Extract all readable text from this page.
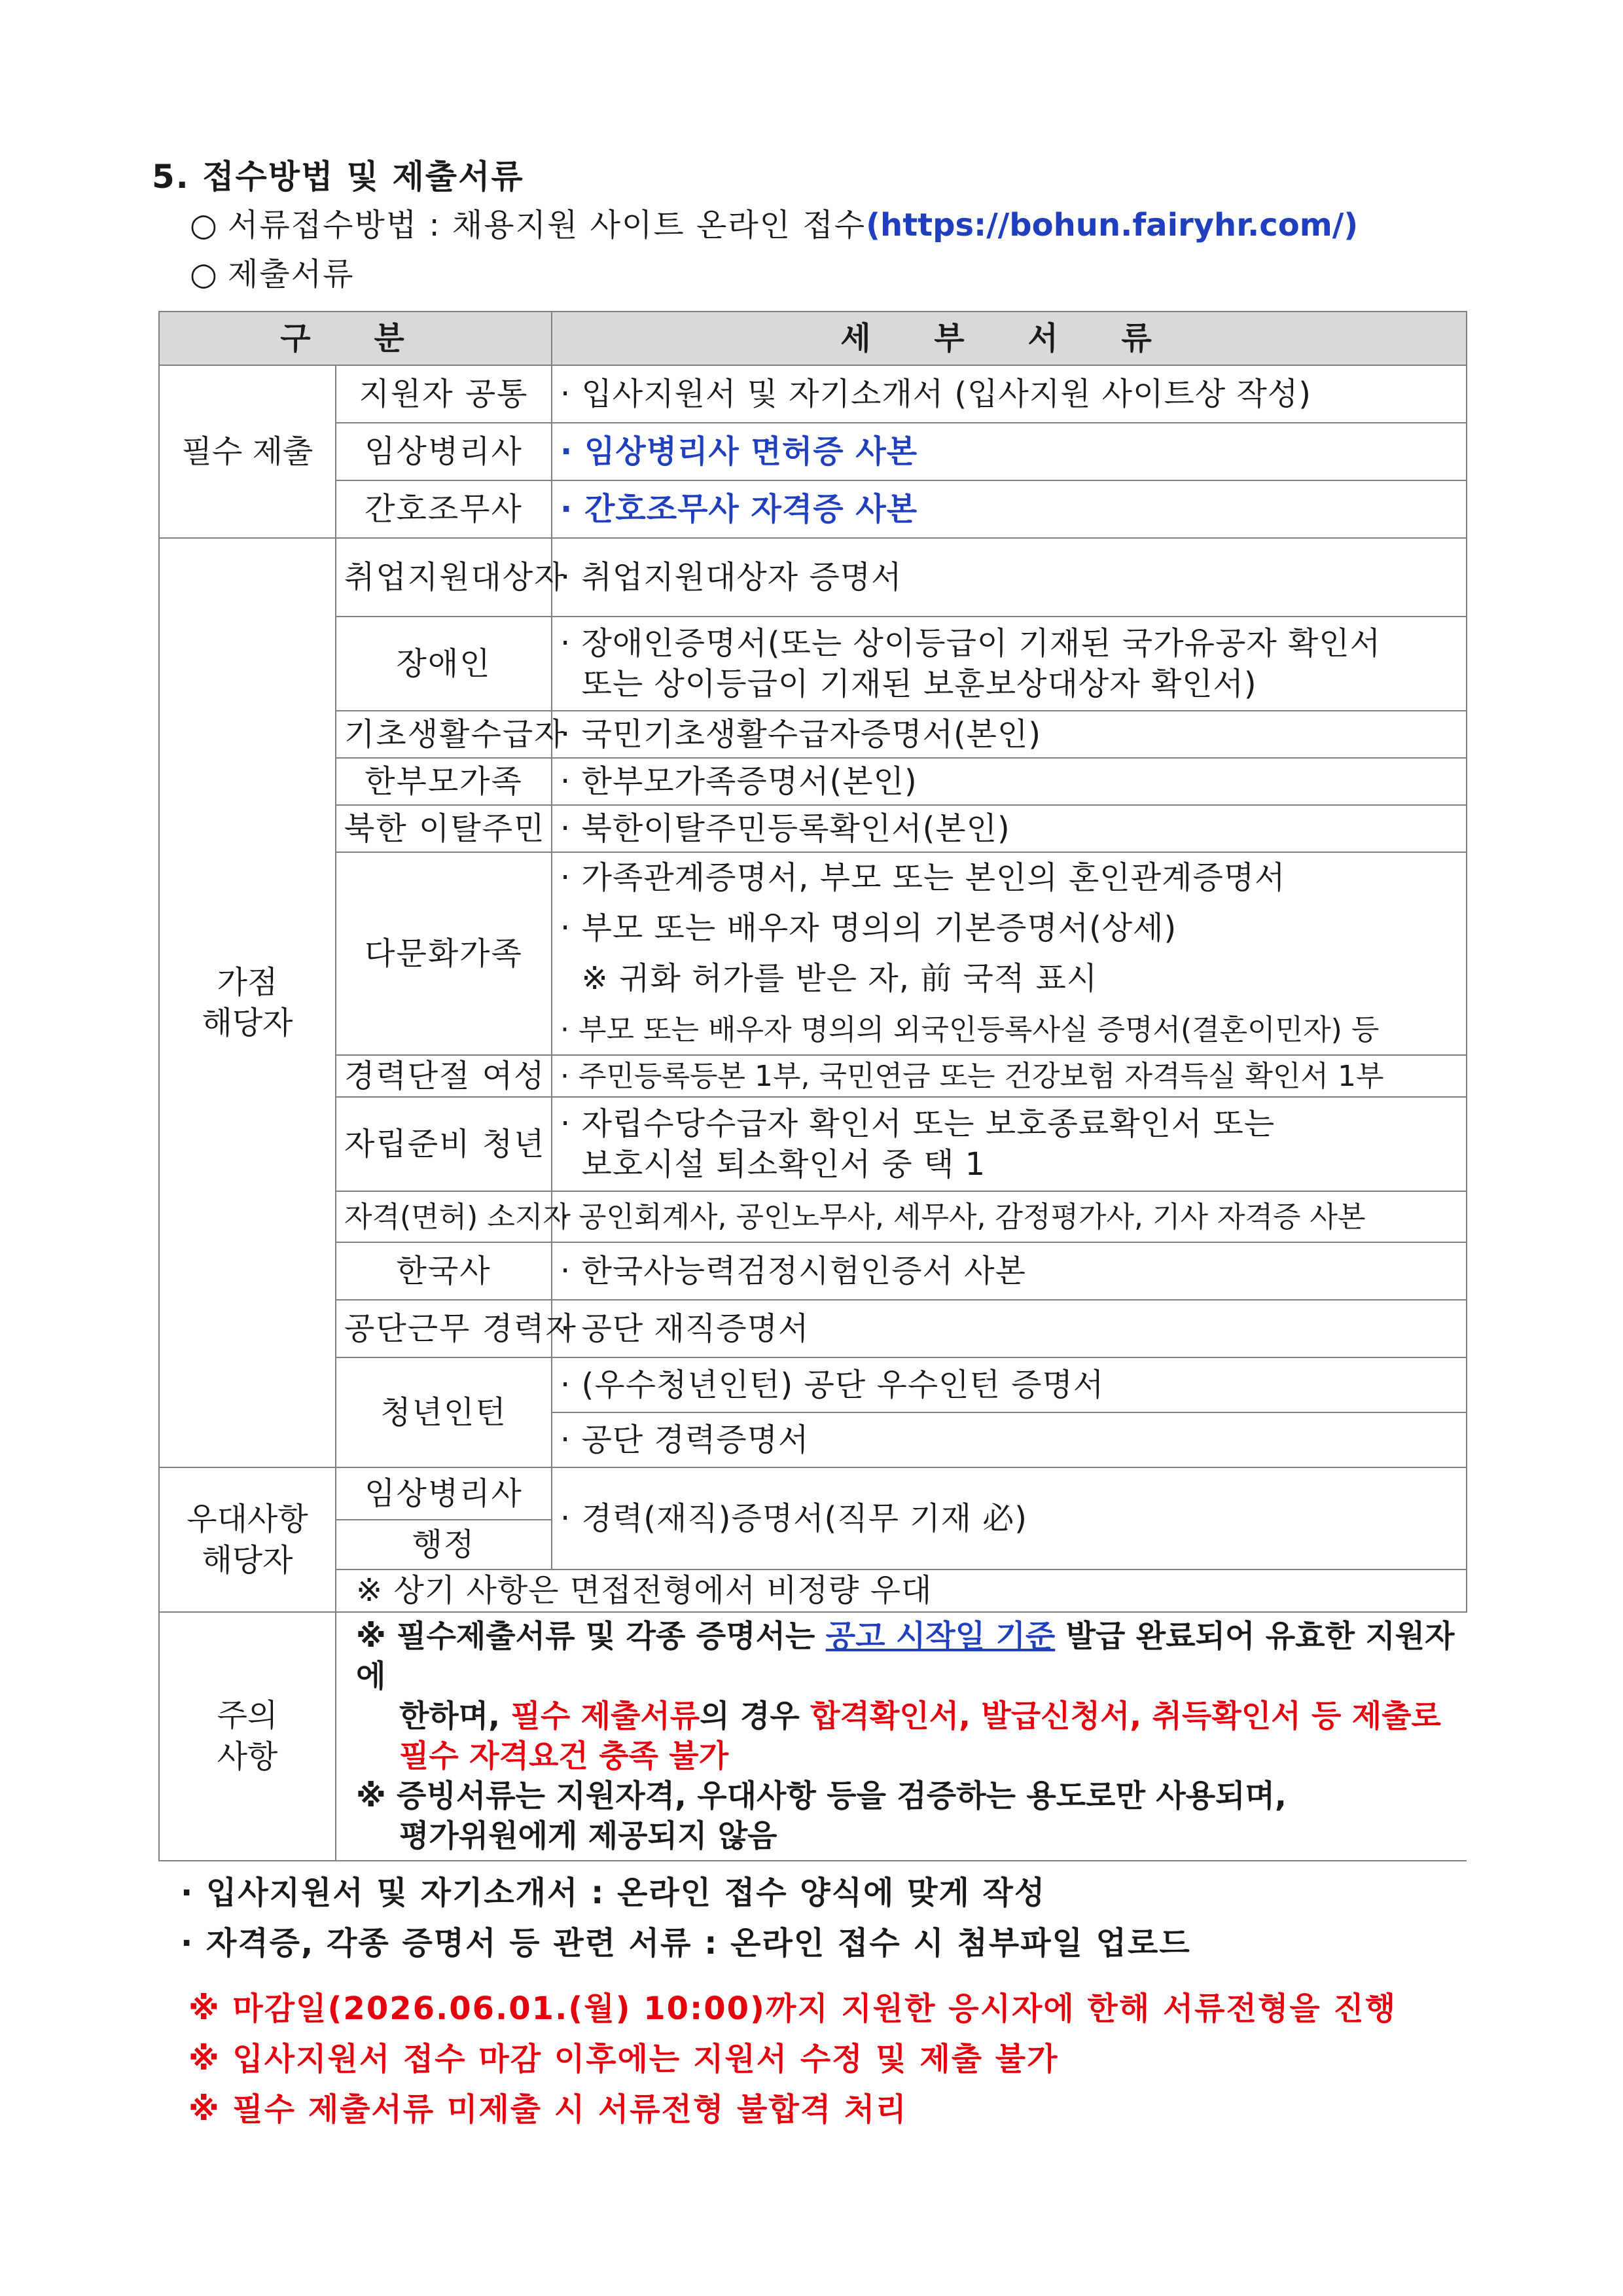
5. 접수방법 및 제출서류
○ 서류접수방법 : 채용지원 사이트 온라인 접수(https://bohun.fairyhr.com/)
○ 제출서류
구 분		세 부 서 류
필수 제출	지원자 공통	· 입사지원서 및 자기소개서 (입사지원 사이트상 작성)
	임상병리사	· 임상병리사 면허증 사본
	간호조무사	· 간호조무사 자격증 사본
가점
해당자	취업지원대상자	· 취업지원대상자 증명서
	장애인	· 장애인증명서(또는 상이등급이 기재된 국가유공자 확인서
또는 상이등급이 기재된 보훈보상대상자 확인서)
	기초생활수급자	· 국민기초생활수급자증명서(본인)
	한부모가족	· 한부모가족증명서(본인)
	북한 이탈주민	· 북한이탈주민등록확인서(본인)
	다문화가족	· 가족관계증명서, 부모 또는 본인의 혼인관계증명서
· 부모 또는 배우자 명의의 기본증명서(상세)
※ 귀화 허가를 받은 자, 前 국적 표시
· 부모 또는 배우자 명의의 외국인등록사실 증명서(결혼이민자) 등
	경력단절 여성	· 주민등록등본 1부, 국민연금 또는 건강보험 자격득실 확인서 1부
	자립준비 청년	· 자립수당수급자 확인서 또는 보호종료확인서 또는
보호시설 퇴소확인서 중 택 1
	자격(면허) 소지자	· 공인회계사, 공인노무사, 세무사, 감정평가사, 기사 자격증 사본
	한국사	· 한국사능력검정시험인증서 사본
	공단근무 경력자	· 공단 재직증명서
	청년인턴	· (우수청년인턴) 공단 우수인턴 증명서
		· 공단 경력증명서
우대사항
해당자	임상병리사	· 경력(재직)증명서(직무 기재 必)
	행정	
	※ 상기 사항은 면접전형에서 비정량 우대	
주의
사항	※ 필수제출서류 및 각종 증명서는 공고 시작일 기준 발급 완료되어 유효한 지원자에
한하며, 필수 제출서류의 경우 합격확인서, 발급신청서, 취득확인서 등 제출로
필수 자격요건 충족 불가
※ 증빙서류는 지원자격, 우대사항 등을 검증하는 용도로만 사용되며,
평가위원에게 제공되지 않음	
· 입사지원서 및 자기소개서 : 온라인 접수 양식에 맞게 작성
· 자격증, 각종 증명서 등 관련 서류 : 온라인 접수 시 첨부파일 업로드
※ 마감일(2026.06.01.(월) 10:00)까지 지원한 응시자에 한해 서류전형을 진행
※ 입사지원서 접수 마감 이후에는 지원서 수정 및 제출 불가
※ 필수 제출서류 미제출 시 서류전형 불합격 처리
